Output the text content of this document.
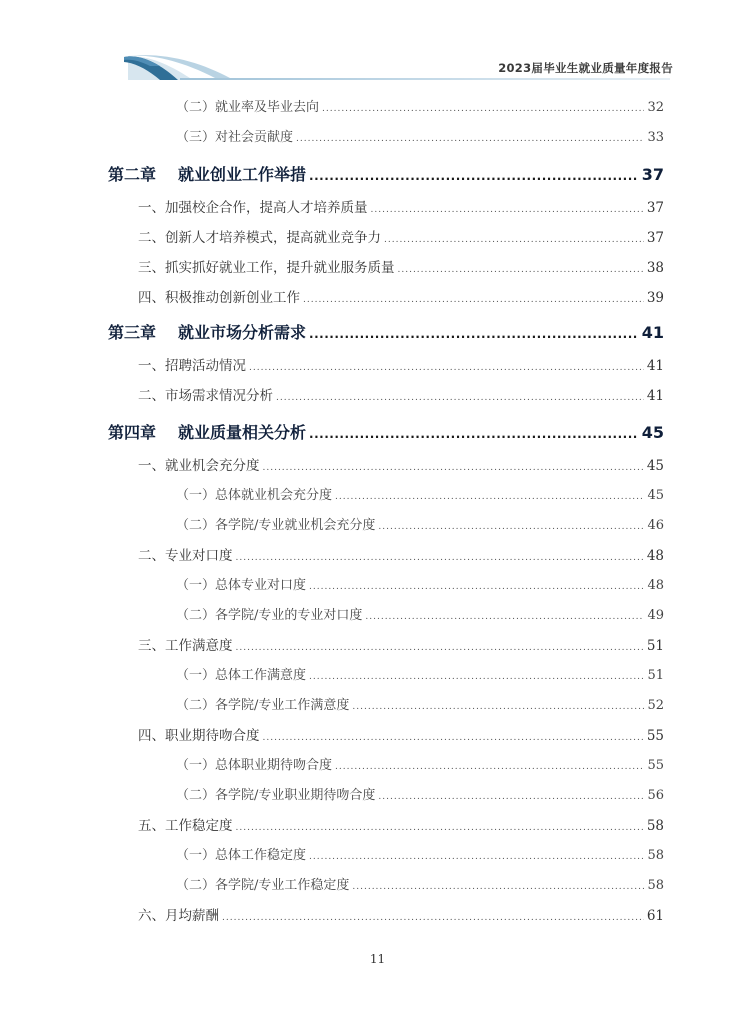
2023届毕业生就业质量年度报告
（二）就业率及毕业去向 .....	32
（三）对社会贡献度 .....	33
第二章 就业创业工作举措 .....	37
一、加强校企合作，提高人才培养质量 .....	37
二、创新人才培养模式，提高就业竞争力 .....	37
三、抓实抓好就业工作，提升就业服务质量 .....	38
四、积极推动创新创业工作 .....	39
第三章 就业市场分析需求 .....	41
一、招聘活动情况 .....	41
二、市场需求情况分析 .....	41
第四章 就业质量相关分析 .....	45
一、就业机会充分度 .....	45
（一）总体就业机会充分度 .....	45
（二）各学院/专业就业机会充分度 .....	46
二、专业对口度 .....	48
（一）总体专业对口度 .....	48
（二）各学院/专业的专业对口度 .....	49
三、工作满意度 .....	51
（一）总体工作满意度 .....	51
（二）各学院/专业工作满意度 .....	52
四、职业期待吻合度 .....	55
（一）总体职业期待吻合度 .....	55
（二）各学院/专业职业期待吻合度 .....	56
五、工作稳定度 .....	58
（一）总体工作稳定度 .....	58
（二）各学院/专业工作稳定度 .....	58
六、月均薪酬 .....	61
11
